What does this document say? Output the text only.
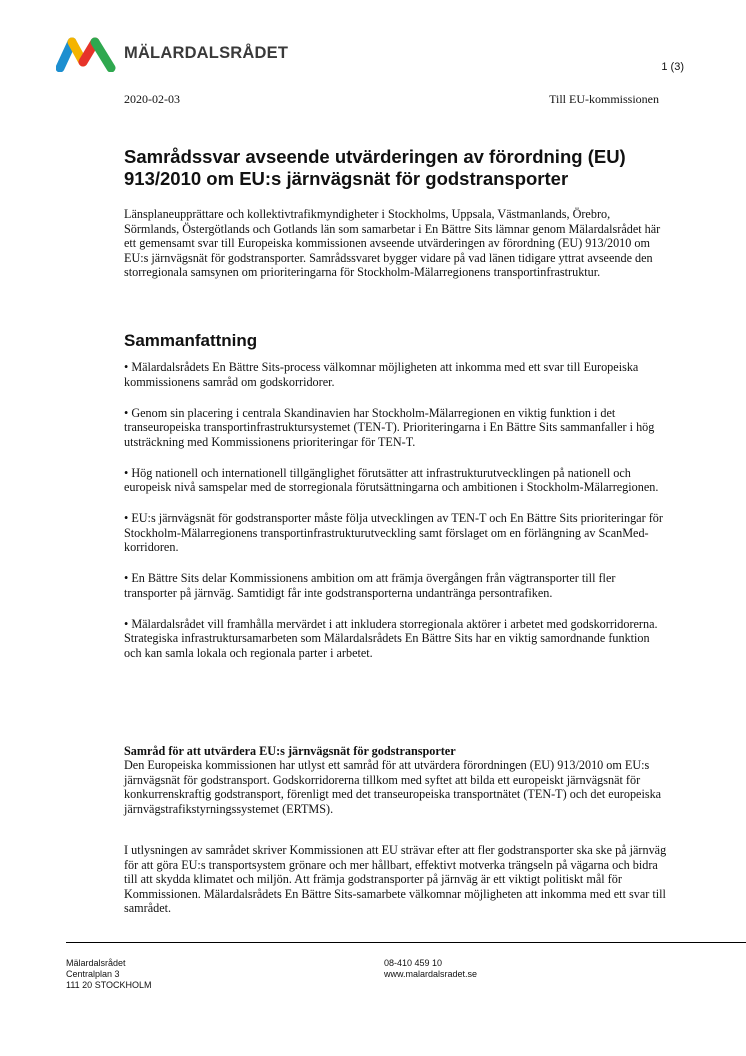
MÄLARDALSRÅDET
1 (3)
2020-02-03	Till EU-kommissionen
Samrådssvar avseende utvärderingen av förordning (EU) 913/2010 om EU:s järnvägsnät för godstransporter

Länsplaneupprättare och kollektivtrafikmyndigheter i Stockholms, Uppsala, Västmanlands, Örebro, Sörmlands, Östergötlands och Gotlands län som samarbetar i En Bättre Sits lämnar genom Mälardalsrådet här ett gemensamt svar till Europeiska kommissionen avseende utvärderingen av förordning (EU) 913/2010 om EU:s järnvägsnät för godstransporter. Samrådssvaret bygger vidare på vad länen tidigare yttrat avseende den storregionala samsynen om prioriteringarna för Stockholm-Mälarregionens transportinfrastruktur.

Sammanfattning

• Mälardalsrådets En Bättre Sits-process välkomnar möjligheten att inkomma med ett svar till Europeiska kommissionens samråd om godskorridorer.

• Genom sin placering i centrala Skandinavien har Stockholm-Mälarregionen en viktig funktion i det transeuropeiska transportinfrastruktursystemet (TEN-T). Prioriteringarna i En Bättre Sits sammanfaller i hög utsträckning med Kommissionens prioriteringar för TEN-T.

• Hög nationell och internationell tillgänglighet förutsätter att infrastrukturutvecklingen på nationell och europeisk nivå samspelar med de storregionala förutsättningarna och ambitionen i Stockholm-Mälarregionen.

• EU:s järnvägsnät för godstransporter måste följa utvecklingen av TEN-T och En Bättre Sits prioriteringar för Stockholm-Mälarregionens transportinfrastrukturutveckling samt förslaget om en förlängning av ScanMed-korridoren.

• En Bättre Sits delar Kommissionens ambition om att främja övergången från vägtransporter till fler transporter på järnväg. Samtidigt får inte godstransporterna undantränga persontrafiken.

• Mälardalsrådet vill framhålla mervärdet i att inkludera storregionala aktörer i arbetet med godskorridorerna. Strategiska infrastruktursamarbeten som Mälardalsrådets En Bättre Sits har en viktig samordnande funktion och kan samla lokala och regionala parter i arbetet.

Samråd för att utvärdera EU:s järnvägsnät för godstransporter

Den Europeiska kommissionen har utlyst ett samråd för att utvärdera förordningen (EU) 913/2010 om EU:s järnvägsnät för godstransport. Godskorridorerna tillkom med syftet att bilda ett europeiskt järnvägsnät för konkurrenskraftig godstransport, förenligt med det transeuropeiska transportnätet (TEN-T) och det europeiska järnvägstrafikstyrningssystemet (ERTMS).

I utlysningen av samrådet skriver Kommissionen att EU strävar efter att fler godstransporter ska ske på järnväg för att göra EU:s transportsystem grönare och mer hållbart, effektivt motverka trängseln på vägarna och bidra till att skydda klimatet och miljön. Att främja godstransporter på järnväg är ett viktigt politiskt mål för Kommissionen. Mälardalsrådets En Bättre Sits-samarbete välkomnar möjligheten att inkomma med ett svar till samrådet.

Mälardalsrådet
Centralplan 3
111 20 STOCKHOLM
08-410 459 10
www.malardalsradet.se
